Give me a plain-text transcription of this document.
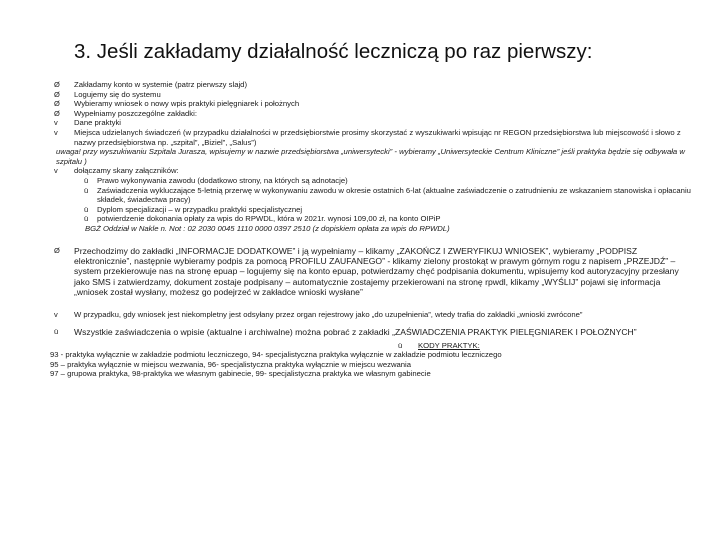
3. Jeśli zakładamy działalność leczniczą po raz pierwszy:
Ø	Zakładamy konto w systemie (patrz pierwszy slajd)
Ø	Logujemy się do systemu
Ø	Wybieramy wniosek o nowy wpis praktyki pielęgniarek i położnych
Ø	Wypełniamy poszczególne zakładki:
v	Dane praktyki
v	Miejsca udzielanych świadczeń (w przypadku działalności w przedsiębiorstwie prosimy skorzystać z wyszukiwarki wpisując nr REGON przedsiębiorstwa lub miejscowość i słowo z nazwy przedsiębiorstwa np. „szpital”, „Biziel”, „Salus”)
uwaga! przy wyszukiwaniu Szpitala Jurasza, wpisujemy w nazwie przedsiębiorstwa „uniwersytecki” - wybieramy „Uniwersyteckie Centrum Kliniczne” jeśli praktyka będzie się odbywała w szpitalu )
v	dołączamy skany załączników:
ü	Prawo wykonywania zawodu (dodatkowo strony, na których są adnotacje)
ü	Zaświadczenia wykluczające 5-letnią przerwę w wykonywaniu zawodu w okresie ostatnich 6-lat (aktualne zaświadczenie o zatrudnieniu ze wskazaniem stanowiska i opłacaniu składek, świadectwa pracy)
ü	Dyplom specjalizacji – w przypadku praktyki specjalistycznej
ü	potwierdzenie dokonania opłaty za wpis do RPWDL, która w 2021r. wynosi 109,00 zł, na konto OIPiP
BGŻ Oddział w Nakle n. Not : 02 2030 0045 1110 0000 0397 2510 (z dopiskiem opłata za wpis do RPWDL)
Ø	Przechodzimy do zakładki „INFORMACJE DODATKOWE” i ją wypełniamy – klikamy „ZAKOŃCZ I ZWERYFIKUJ WNIOSEK”, wybieramy „PODPISZ elektronicznie”, następnie wybieramy podpis za pomocą PROFILU ZAUFANEGO” - klikamy zielony prostokąt w prawym górnym rogu z napisem „PRZEJDŹ” – system przekierowuje nas na stronę epuap – logujemy się na konto epuap, potwierdzamy chęć podpisania dokumentu, wpisujemy kod autoryzacyjny przesłany jako SMS i zatwierdzamy, dokument zostaje podpisany – automatycznie zostajemy przekierowani na stronę rpwdl, klikamy „WYŚLIJ” pojawi się informacja „wniosek został wysłany, możesz go podejrzeć w zakładce wnioski wysłane”
v	W przypadku, gdy wniosek jest niekompletny jest odsyłany przez organ rejestrowy jako „do uzupełnienia”, wtedy trafia do zakładki „wnioski zwrócone”
ü	Wszystkie zaświadczenia o wpisie (aktualne i archiwalne) można pobrać z zakładki „ZAŚWIADCZENIA PRAKTYK PIELĘGNIAREK I POŁOŻNYCH”
ü	KODY PRAKTYK:
93 - praktyka wyłącznie w zakładzie podmiotu leczniczego, 94- specjalistyczna praktyka wyłącznie w zakładzie podmiotu leczniczego
95 – praktyka wyłącznie w miejscu wezwania, 96- specjalistyczna praktyka wyłącznie w miejscu wezwania
97 – grupowa praktyka, 98-praktyka we własnym gabinecie, 99- specjalistyczna praktyka we własnym gabinecie
